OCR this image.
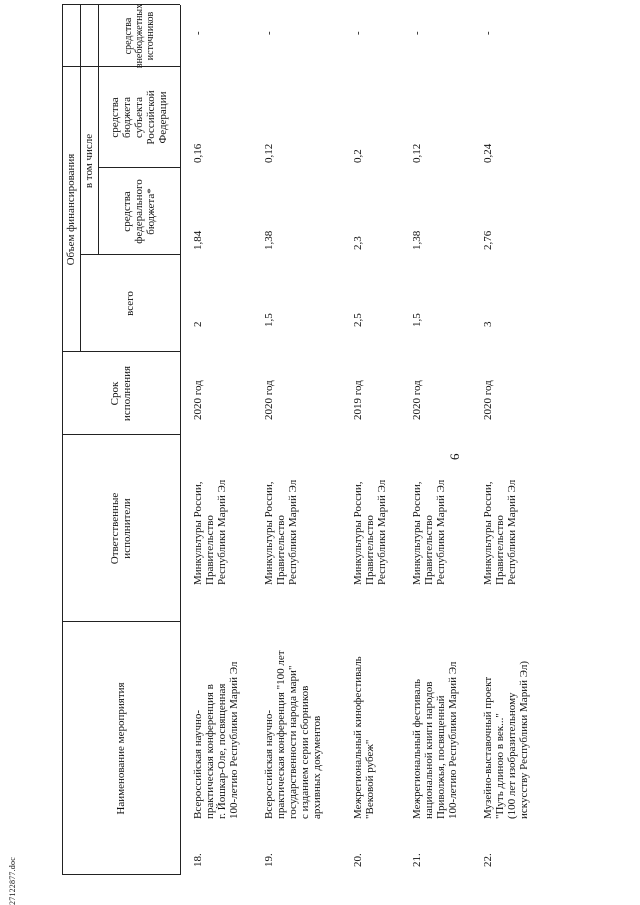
6
27122877.doc
Наименование мероприятия
Ответственные
исполнители
Срок
исполнения
Объем финансирования
всего
в том числе
средства
федерального
бюджета*
средства
бюджета
субъекта
Российской
Федерации
18.
Всероссийская научно-
практическая конференция в
г. Йошкар-Оле, посвященная
100-летию Республики Марий Эл
Минкультуры России,
Правительство
Республики Марий Эл
2020 год
2
1,84
0,16
-
19.
Всероссийская научно-
практическая конференция "100 лет
государственности народа мари"
с изданием серии сборников
архивных документов
Минкультуры России,
Правительство
Республики Марий Эл
2020 год
1,5
1,38
0,12
-
20.
Межрегиональный кинофестиваль
"Вековой рубеж"
Минкультуры России,
Правительство
Республики Марий Эл
2019 год
2,5
2,3
0,2
-
21.
Межрегиональный фестиваль
национальной книги народов
Приволжья, посвященный
100-летию Республики Марий Эл
Минкультуры России,
Правительство
Республики Марий Эл
2020 год
1,5
1,38
0,12
-
22.
Музейно-выставочный проект
"Путь длиною в век..."
(100 лет изобразительному
искусству Республики Марий Эл)
Минкультуры России,
Правительство
Республики Марий Эл
2020 год
3
2,76
0,24
-
средства
внебюджетных
источников
